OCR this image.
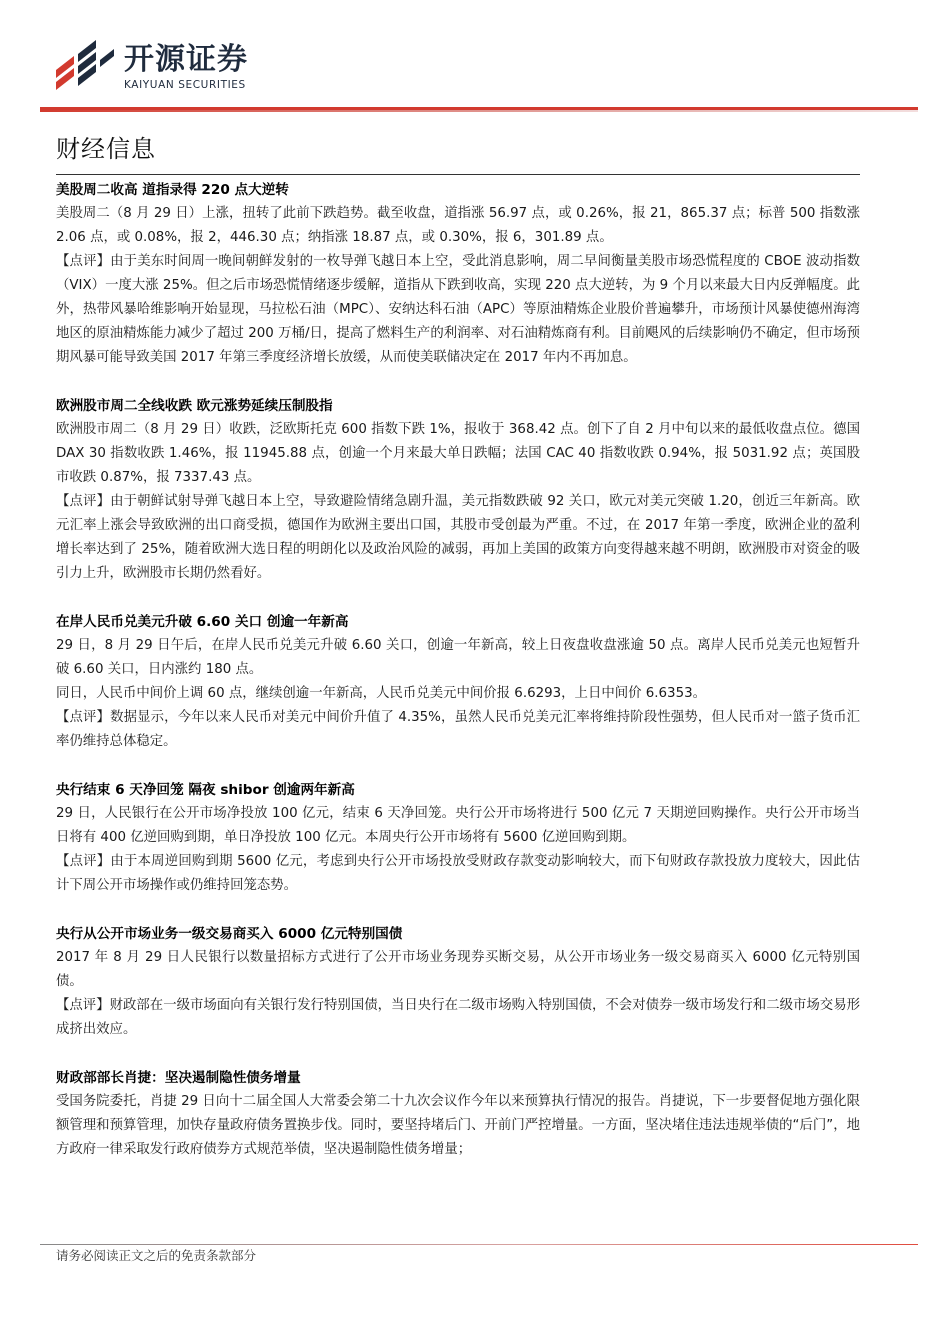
开源证券
KAIYUAN SECURITIES
财经信息
美股周二收高 道指录得 220 点大逆转

美股周二（8 月 29 日）上涨，扭转了此前下跌趋势。截至收盘，道指涨 56.97 点，或 0.26%，报 21，865.37 点；标普 500 指数涨 2.06 点，或 0.08%，报 2，446.30 点；纳指涨 18.87 点，或 0.30%，报 6，301.89 点。

【点评】由于美东时间周一晚间朝鲜发射的一枚导弹飞越日本上空，受此消息影响，周二早间衡量美股市场恐慌程度的 CBOE 波动指数（VIX）一度大涨 25%。但之后市场恐慌情绪逐步缓解，道指从下跌到收高，实现 220 点大逆转，为 9 个月以来最大日内反弹幅度。此外，热带风暴哈维影响开始显现，马拉松石油（MPC）、安纳达科石油（APC）等原油精炼企业股价普遍攀升，市场预计风暴使德州海湾地区的原油精炼能力减少了超过 200 万桶/日，提高了燃料生产的利润率、对石油精炼商有利。目前飓风的后续影响仍不确定，但市场预期风暴可能导致美国 2017 年第三季度经济增长放缓，从而使美联储决定在 2017 年内不再加息。

欧洲股市周二全线收跌 欧元涨势延续压制股指

欧洲股市周二（8 月 29 日）收跌，泛欧斯托克 600 指数下跌 1%，报收于 368.42 点。创下了自 2 月中旬以来的最低收盘点位。德国 DAX 30 指数收跌 1.46%，报 11945.88 点，创逾一个月来最大单日跌幅；法国 CAC 40 指数收跌 0.94%，报 5031.92 点；英国股市收跌 0.87%，报 7337.43 点。

【点评】由于朝鲜试射导弹飞越日本上空，导致避险情绪急剧升温，美元指数跌破 92 关口，欧元对美元突破 1.20，创近三年新高。欧元汇率上涨会导致欧洲的出口商受损，德国作为欧洲主要出口国，其股市受创最为严重。不过，在 2017 年第一季度，欧洲企业的盈利增长率达到了 25%，随着欧洲大选日程的明朗化以及政治风险的减弱，再加上美国的政策方向变得越来越不明朗，欧洲股市对资金的吸引力上升，欧洲股市长期仍然看好。

在岸人民币兑美元升破 6.60 关口 创逾一年新高

29 日，8 月 29 日午后，在岸人民币兑美元升破 6.60 关口，创逾一年新高，较上日夜盘收盘涨逾 50 点。离岸人民币兑美元也短暂升破 6.60 关口，日内涨约 180 点。

同日，人民币中间价上调 60 点，继续创逾一年新高，人民币兑美元中间价报 6.6293，上日中间价 6.6353。

【点评】数据显示，今年以来人民币对美元中间价升值了 4.35%，虽然人民币兑美元汇率将维持阶段性强势，但人民币对一篮子货币汇率仍维持总体稳定。

央行结束 6 天净回笼 隔夜 shibor 创逾两年新高

29 日，人民银行在公开市场净投放 100 亿元，结束 6 天净回笼。央行公开市场将进行 500 亿元 7 天期逆回购操作。央行公开市场当日将有 400 亿逆回购到期，单日净投放 100 亿元。本周央行公开市场将有 5600 亿逆回购到期。

【点评】由于本周逆回购到期 5600 亿元，考虑到央行公开市场投放受财政存款变动影响较大，而下旬财政存款投放力度较大，因此估计下周公开市场操作或仍维持回笼态势。

央行从公开市场业务一级交易商买入 6000 亿元特别国债

2017 年 8 月 29 日人民银行以数量招标方式进行了公开市场业务现券买断交易，从公开市场业务一级交易商买入 6000 亿元特别国债。

【点评】财政部在一级市场面向有关银行发行特别国债，当日央行在二级市场购入特别国债，不会对债券一级市场发行和二级市场交易形成挤出效应。

财政部部长肖捷：坚决遏制隐性债务增量

受国务院委托，肖捷 29 日向十二届全国人大常委会第二十九次会议作今年以来预算执行情况的报告。肖捷说，下一步要督促地方强化限额管理和预算管理，加快存量政府债务置换步伐。同时，要坚持堵后门、开前门严控增量。一方面，坚决堵住违法违规举债的“后门”，地方政府一律采取发行政府债券方式规范举债，坚决遏制隐性债务增量；

请务必阅读正文之后的免责条款部分
